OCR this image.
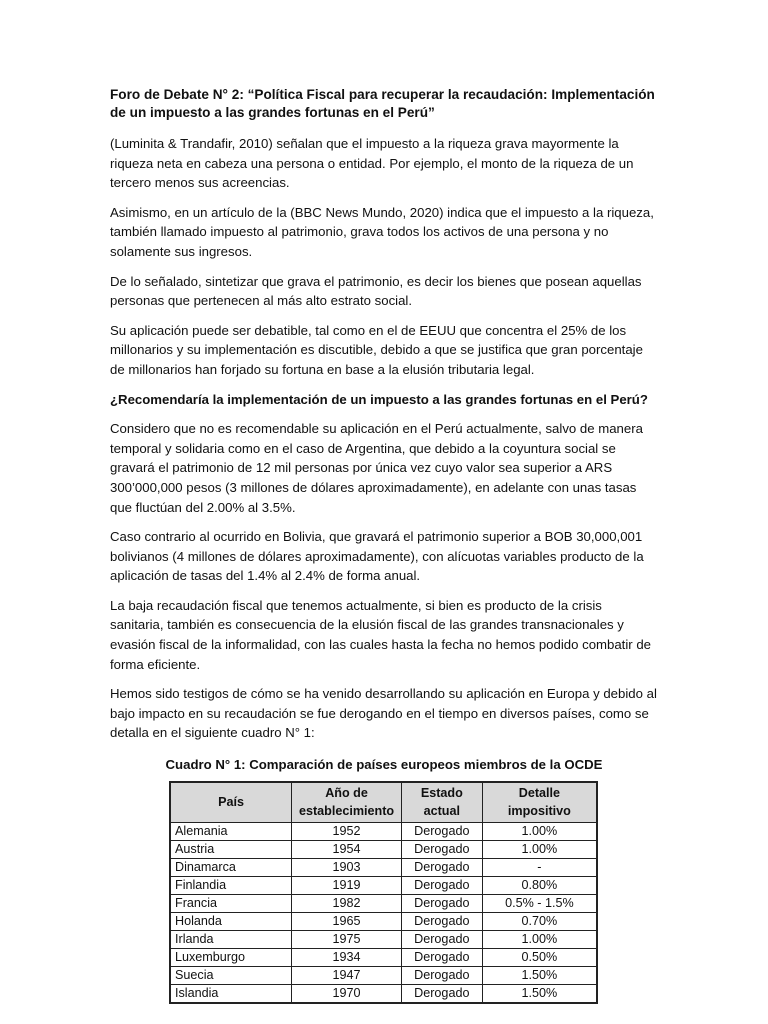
Foro de Debate N° 2: “Política Fiscal para recuperar la recaudación: Implementación de un impuesto a las grandes fortunas en el Perú”

(Luminita & Trandafir, 2010) señalan que el impuesto a la riqueza grava mayormente la riqueza neta en cabeza una persona o entidad. Por ejemplo, el monto de la riqueza de un tercero menos sus acreencias.

Asimismo, en un artículo de la (BBC News Mundo, 2020) indica que el impuesto a la riqueza, también llamado impuesto al patrimonio, grava todos los activos de una persona y no solamente sus ingresos.

De lo señalado, sintetizar que grava el patrimonio, es decir los bienes que posean aquellas personas que pertenecen al más alto estrato social.

Su aplicación puede ser debatible, tal como en el de EEUU que concentra el 25% de los millonarios y su implementación es discutible, debido a que se justifica que gran porcentaje de millonarios han forjado su fortuna en base a la elusión tributaria legal.

¿Recomendaría la implementación de un impuesto a las grandes fortunas en el Perú?

Considero que no es recomendable su aplicación en el Perú actualmente, salvo de manera temporal y solidaria como en el caso de Argentina, que debido a la coyuntura social se gravará el patrimonio de 12 mil personas por única vez cuyo valor sea superior a ARS 300’000,000 pesos (3 millones de dólares aproximadamente), en adelante con unas tasas que fluctúan del 2.00% al 3.5%.

Caso contrario al ocurrido en Bolivia, que gravará el patrimonio superior a BOB 30,000,001 bolivianos (4 millones de dólares aproximadamente), con alícuotas variables producto de la aplicación de tasas del 1.4% al 2.4% de forma anual.

La baja recaudación fiscal que tenemos actualmente, si bien es producto de la crisis sanitaria, también es consecuencia de la elusión fiscal de las grandes transnacionales y evasión fiscal de la informalidad, con las cuales hasta la fecha no hemos podido combatir de forma eficiente.

Hemos sido testigos de cómo se ha venido desarrollando su aplicación en Europa y debido al bajo impacto en su recaudación se fue derogando en el tiempo en diversos países, como se detalla en el siguiente cuadro N° 1:

Cuadro N° 1: Comparación de países europeos miembros de la OCDE
País	Año de establecimiento	Estado actual	Detalle impositivo
Alemania	1952	Derogado	1.00%
Austria	1954	Derogado	1.00%
Dinamarca	1903	Derogado	-
Finlandia	1919	Derogado	0.80%
Francia	1982	Derogado	0.5% - 1.5%
Holanda	1965	Derogado	0.70%
Irlanda	1975	Derogado	1.00%
Luxemburgo	1934	Derogado	0.50%
Suecia	1947	Derogado	1.50%
Islandia	1970	Derogado	1.50%
